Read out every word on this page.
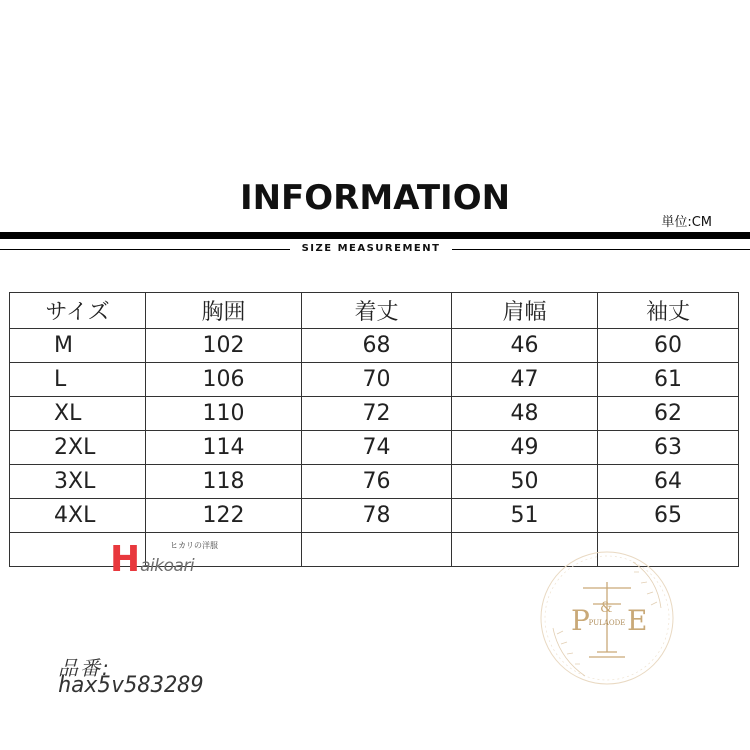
INFORMATION
単位:CM
SIZE MEASUREMENT
サイズ	胸囲	着丈	肩幅	袖丈
M	102	68	46	60
L	106	70	47	61
XL	110	72	48	62
2XL	114	74	49	63
3XL	118	76	50	64
4XL	122	78	51	65

Haikoari
ヒカリの洋服
品番:
hax5v583289
P E
&
PULAODE
